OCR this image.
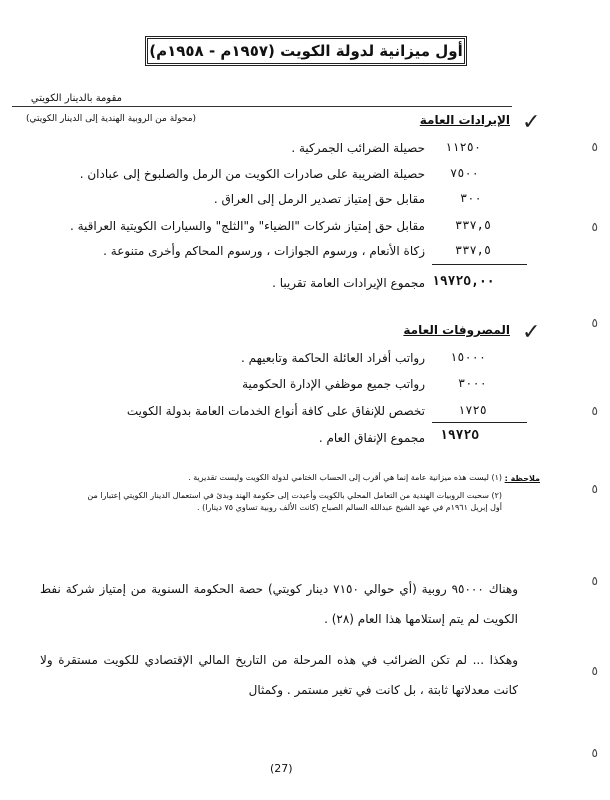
أول ميزانية لدولة الكويت (١٩٥٧م - ١٩٥٨م)
مقومة بالدينار الكويتي
(محولة من الروبية الهندية إلى الدينار الكويتي)	الإيرادات العامة ✓
١١٢٥٠
حصيلة الضرائب الجمركية .
٧٥٠٠
حصيلة الضريبة على صادرات الكويت من الرمل والصلبوخ إلى عبادان .
٣٠٠
مقابل حق إمتياز تصدير الرمل إلى العراق .
٣٣٧,٥
مقابل حق إمتياز شركات "الضياء" و"الثلج" والسيارات الكويتية العراقية .
٣٣٧,٥
زكاة الأنعام ، ورسوم الجوازات ، ورسوم المحاكم وأخرى متنوعة .
١٩٧٢٥,٠٠
مجموع الإيرادات العامة تقريبا .
المصروفات العامة ✓
١٥٠٠٠
رواتب أفراد العائلة الحاكمة وتابعيهم .
٣٠٠٠
رواتب جميع موظفي الإدارة الحكومية
١٧٢٥
تخصص للإنفاق على كافة أنواع الخدمات العامة بدولة الكويت
١٩٧٢٥
مجموع الإنفاق العام .
ملاحظة :
(١) ليست هذه ميزانية عامة إنما هي أقرب إلى الحساب الختامي لدولة الكويت وليست تقديرية .
(٢) سحبت الروبيات الهندية من التعامل المحلي بالكويت وأعيدت إلى حكومة الهند وبدئ في استعمال الدينار الكويتي إعتبارا من أول إبريل ١٩٦١م في عهد الشيخ عبدالله السالم الصباح (كانت الألف روبية تساوي ٧٥ دينارا) .
وهناك ٩٥٠٠٠ روبية (أي حوالي ٧١٥٠ دينار كويتي) حصة الحكومة السنوية من إمتياز شركة نفط الكويت لم يتم إستلامها هذا العام (٢٨) .
وهكذا ... لم تكن الضرائب في هذه المرحلة من التاريخ المالي الإقتصادي للكويت مستقرة ولا كانت معدلاتها ثابتة ، بل كانت في تغير مستمر . وكمثال
٥
٥
٥
٥
٥
٥
٥
٥
(27)
